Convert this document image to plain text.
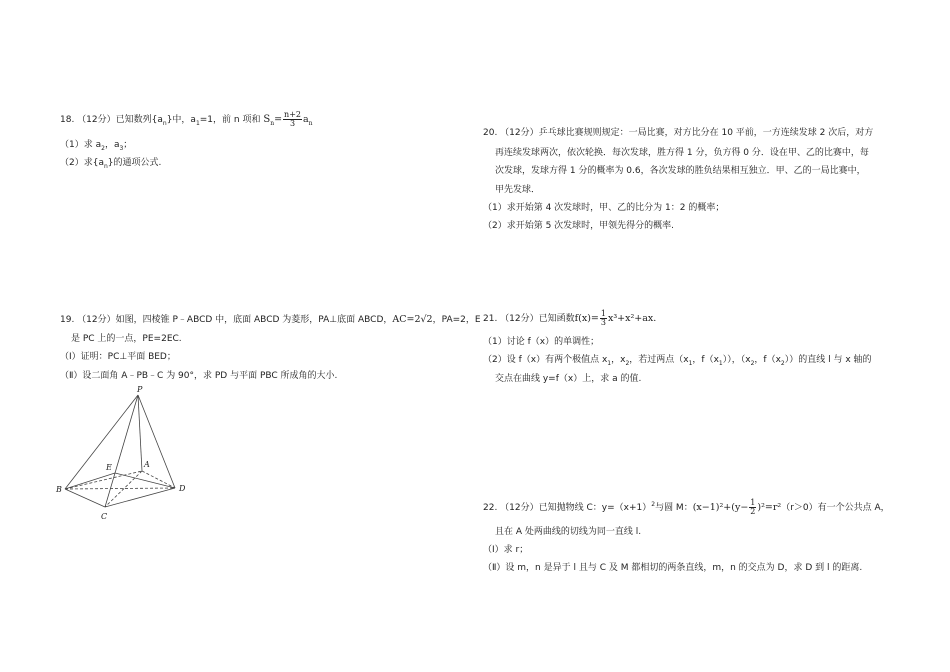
18. （12分）已知数列$\{a_n\}$中，$a_1=1$，前 n 项和 $S_n= \frac{n+2}{3} a_n$
（1）求 $a_2$，$a_3$；
（2）求$\{a_n\}$的通项公式.
19. （12分）如图，四棱锥 P﹣ABCD 中，底面 ABCD 为菱形，PA⊥底面 ABCD，AC=2√2，PA=2，E
是 PC 上的一点，PE=2EC.
（Ⅰ）证明：PC⊥平面 BED；
（Ⅱ）设二面角 A﹣PB﹣C 为 90°，求 PD 与平面 PBC 所成角的大小.
P
A
B
C
D
E
20. （12分）乒乓球比赛规则规定：一局比赛，对方比分在 10 平前，一方连续发球 2 次后，对方
再连续发球两次，依次轮换．每次发球，胜方得 1 分，负方得 0 分．设在甲、乙的比赛中，每
次发球，发球方得 1 分的概率为 0.6，各次发球的胜负结果相互独立．甲、乙的一局比赛中，
甲先发球．
（1）求开始第 4 次发球时，甲、乙的比分为 1：2 的概率；
（2）求开始第 5 次发球时，甲领先得分的概率.
21. （12分）已知函数$f(x)= \frac{1}{3} x^3+x^2+ax$.
（1）讨论 f（x）的单调性；
（2）设 f（x）有两个极值点 $x_1$，$x_2$，若过两点（$x_1$，$f(x_1)$），（$x_2$，$f(x_2)$）的直线 l 与 x 轴的
交点在曲线 y=f（x）上，求 a 的值.
22. （12分）已知抛物线 C：$y=(x+1)^2$与圆 M：$(x-1)^2+(y- \frac{1}{2} )^2=r^2(r>0)$有一个公共点 A，
且在 A 处两曲线的切线为同一直线 l.
（Ⅰ）求 r；
（Ⅱ）设 m，n 是异于 l 且与 C 及 M 都相切的两条直线，m，n 的交点为 D，求 D 到 l 的距离.
